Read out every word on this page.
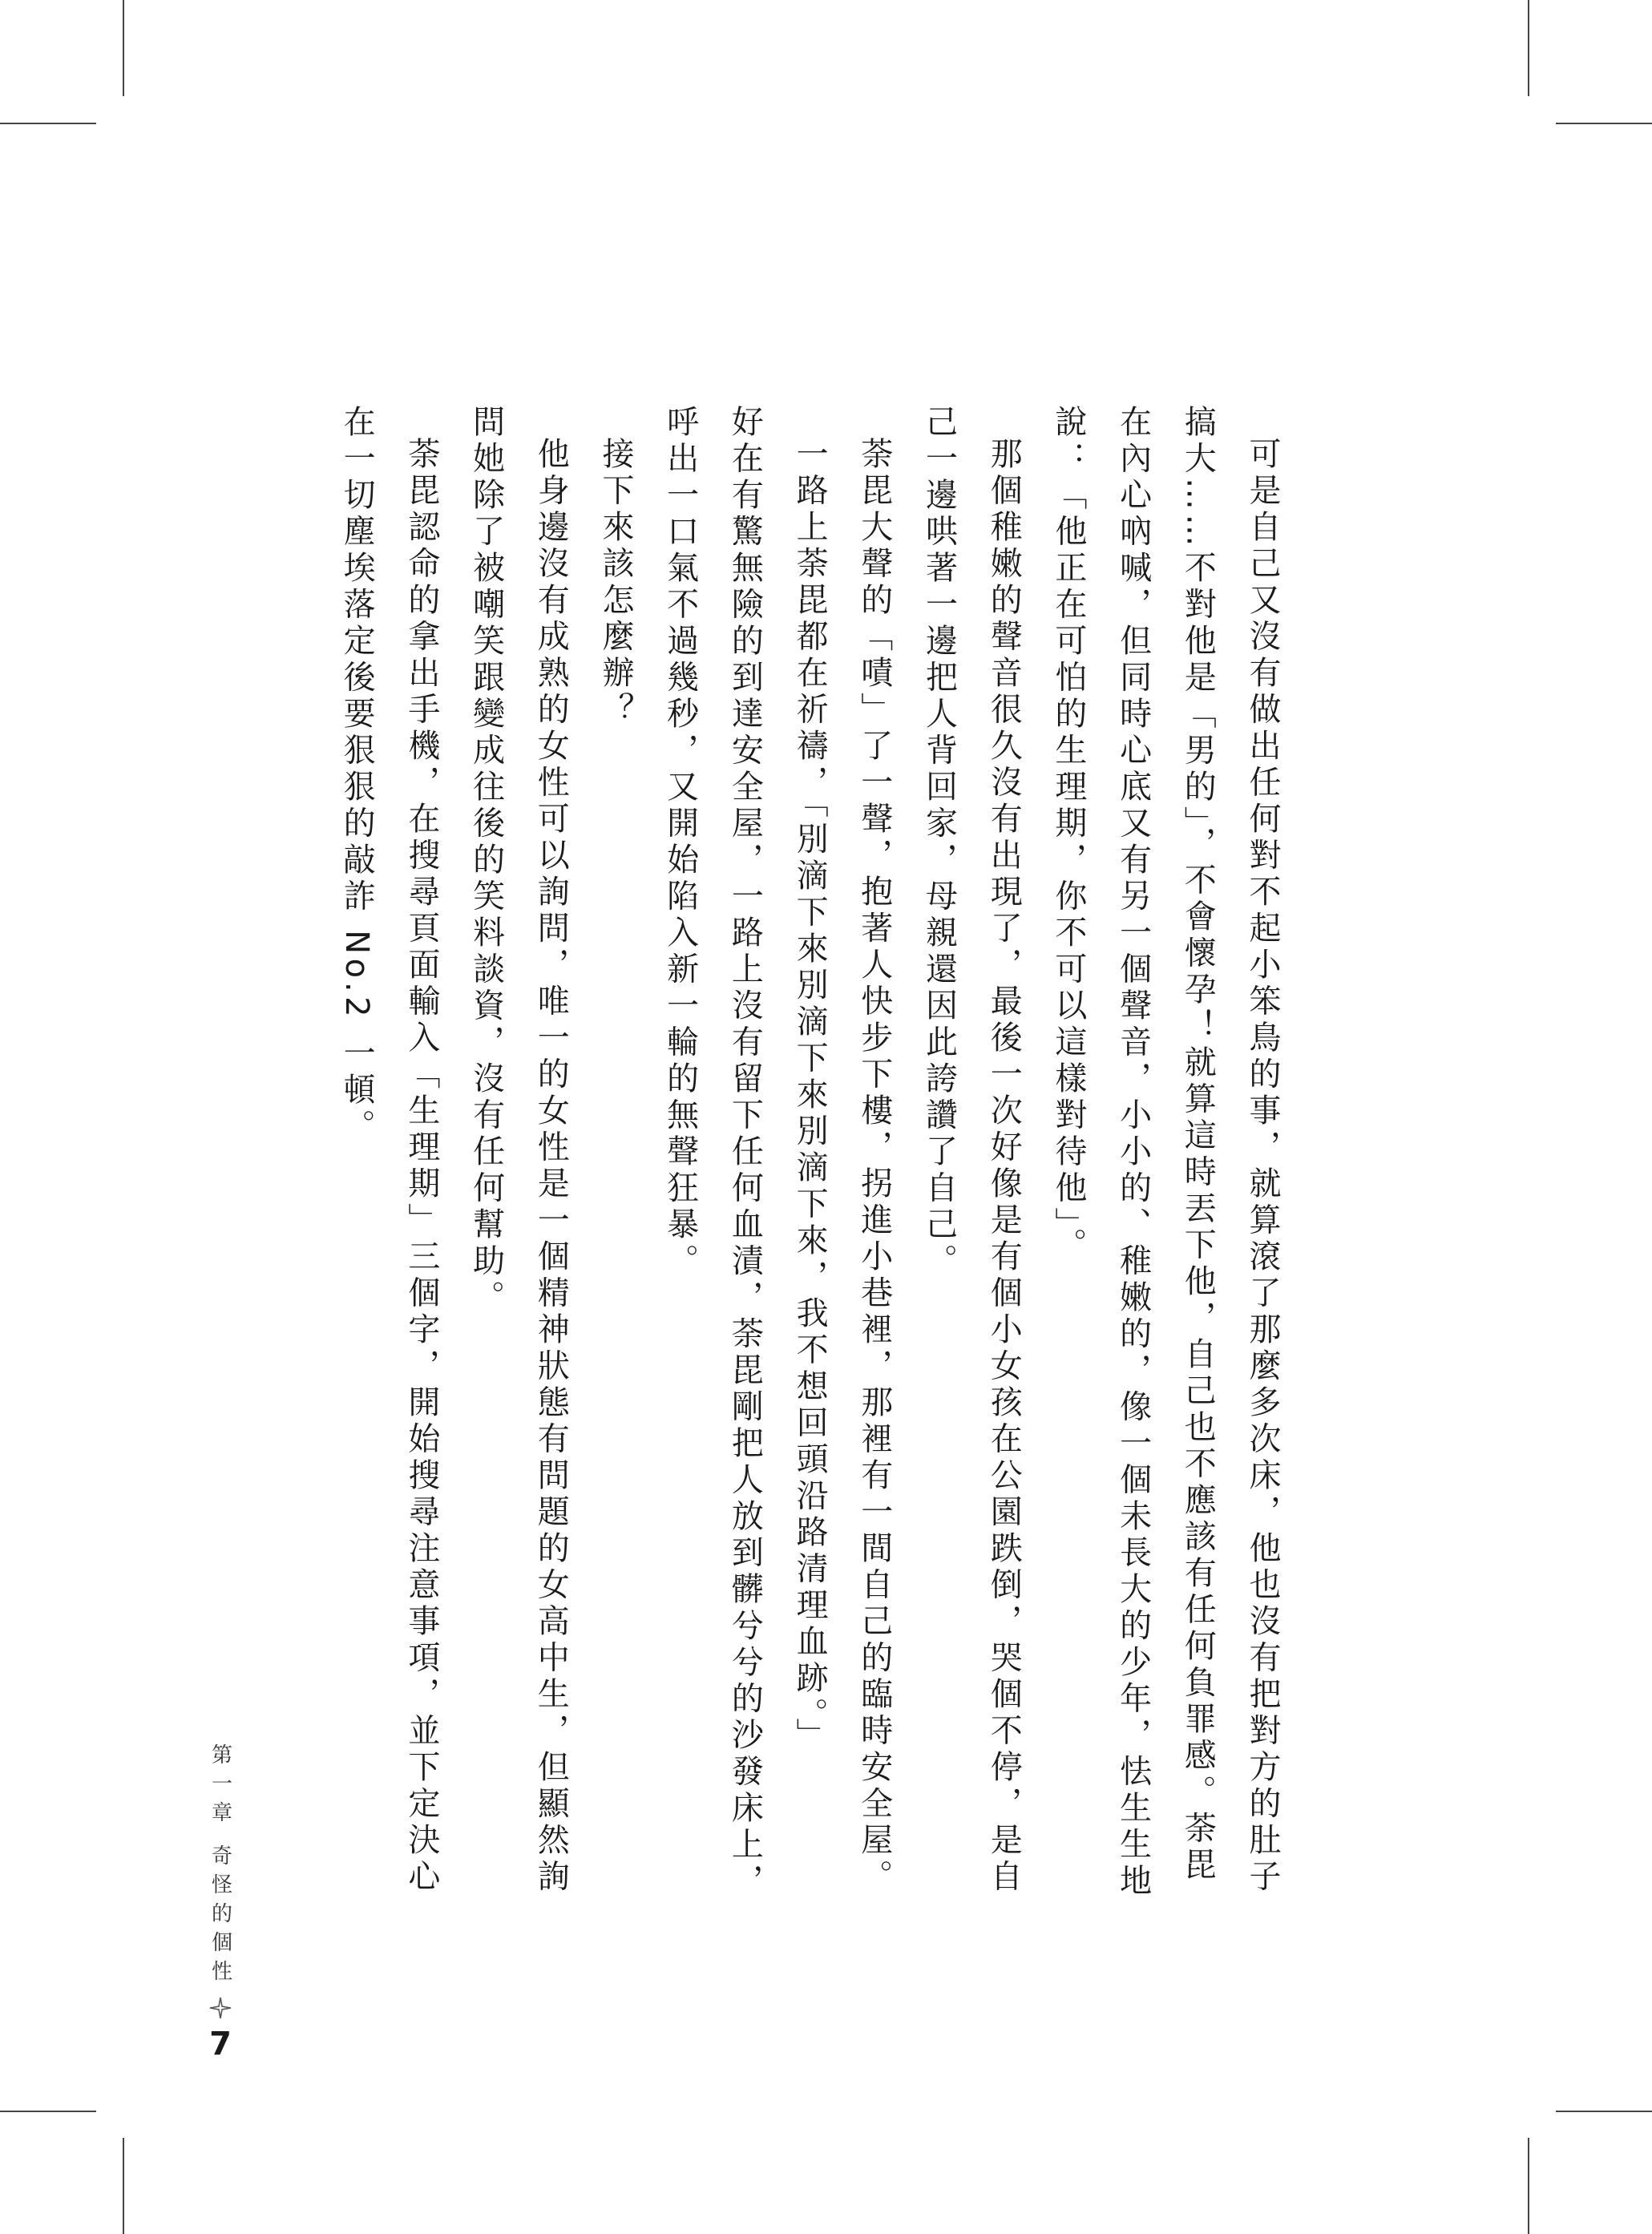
可是自己又沒有做出任何對不起小笨鳥的事，就算滾了那麼多次床，他也沒有把對方的肚子搞大……不對他是「男的」，不會懷孕！就算這時丟下他，自己也不應該有任何負罪感。荼毘在內心吶喊，但同時心底又有另一個聲音，小小的、稚嫩的，像一個未長大的少年，怯生生地說：「他正在可怕的生理期，你不可以這樣對待他」。

那個稚嫩的聲音很久沒有出現了，最後一次好像是有個小女孩在公園跌倒，哭個不停，是自己一邊哄著一邊把人背回家，母親還因此誇讚了自己。

荼毘大聲的「嘖」了一聲，抱著人快步下樓，拐進小巷裡，那裡有一間自己的臨時安全屋。

一路上荼毘都在祈禱，「別滴下來別滴下來別滴下來，我不想回頭沿路清理血跡。」

好在有驚無險的到達安全屋，一路上沒有留下任何血漬，荼毘剛把人放到髒兮兮的沙發床上，呼出一口氣不過幾秒，又開始陷入新一輪的無聲狂暴。

接下來該怎麼辦？

他身邊沒有成熟的女性可以詢問，唯一的女性是一個精神狀態有問題的女高中生，但顯然詢問她除了被嘲笑跟變成往後的笑料談資，沒有任何幫助。

荼毘認命的拿出手機，在搜尋頁面輸入「生理期」三個字，開始搜尋注意事項，並下定決心在一切塵埃落定後要狠狠的敲詐 No.2 一頓。

第一章 奇怪的個性
7
